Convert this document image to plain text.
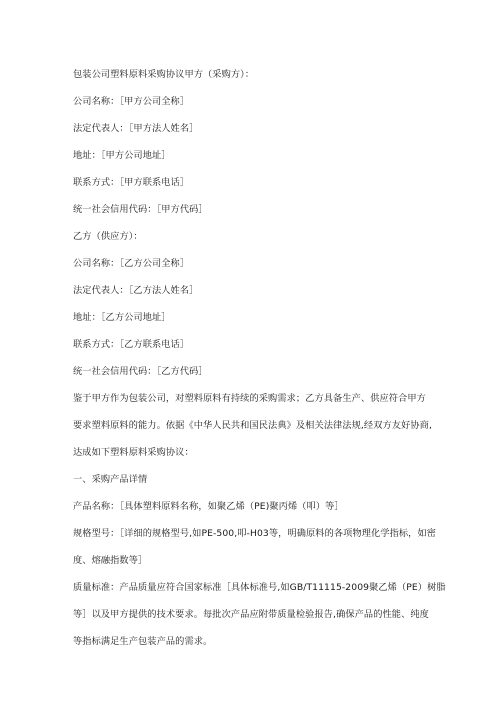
包装公司塑料原料采购协议甲方（采购方）：
公司名称：［甲方公司全称］
法定代表人：［甲方法人姓名］
地址：［甲方公司地址］
联系方式：［甲方联系电话］
统一社会信用代码：［甲方代码］
乙方（供应方）：
公司名称：［乙方公司全称］
法定代表人：［乙方法人姓名］
地址：［乙方公司地址］
联系方式：［乙方联系电话］
统一社会信用代码：［乙方代码］
鉴于甲方作为包装公司，对塑料原料有持续的采购需求；乙方具备生产、供应符合甲方
要求塑料原料的能力。依据《中华人民共和国民法典》及相关法律法规,经双方友好协商,
达成如下塑料原料采购协议：
一、采购产品详情
产品名称：［具体塑料原料名称，如聚乙烯（PE)聚丙烯（叩）等］
规格型号：［详细的规格型号,如PE-500,叩-H03等，明确原料的各项物理化学指标，如密
度、熔融指数等］
质量标准：产品质量应符合国家标准［具体标准号,如GB/T11115-2009聚乙烯（PE）树脂
等］以及甲方提供的技术要求。每批次产品应附带质量检验报告,确保产品的性能、纯度
等指标满足生产包装产品的需求。
